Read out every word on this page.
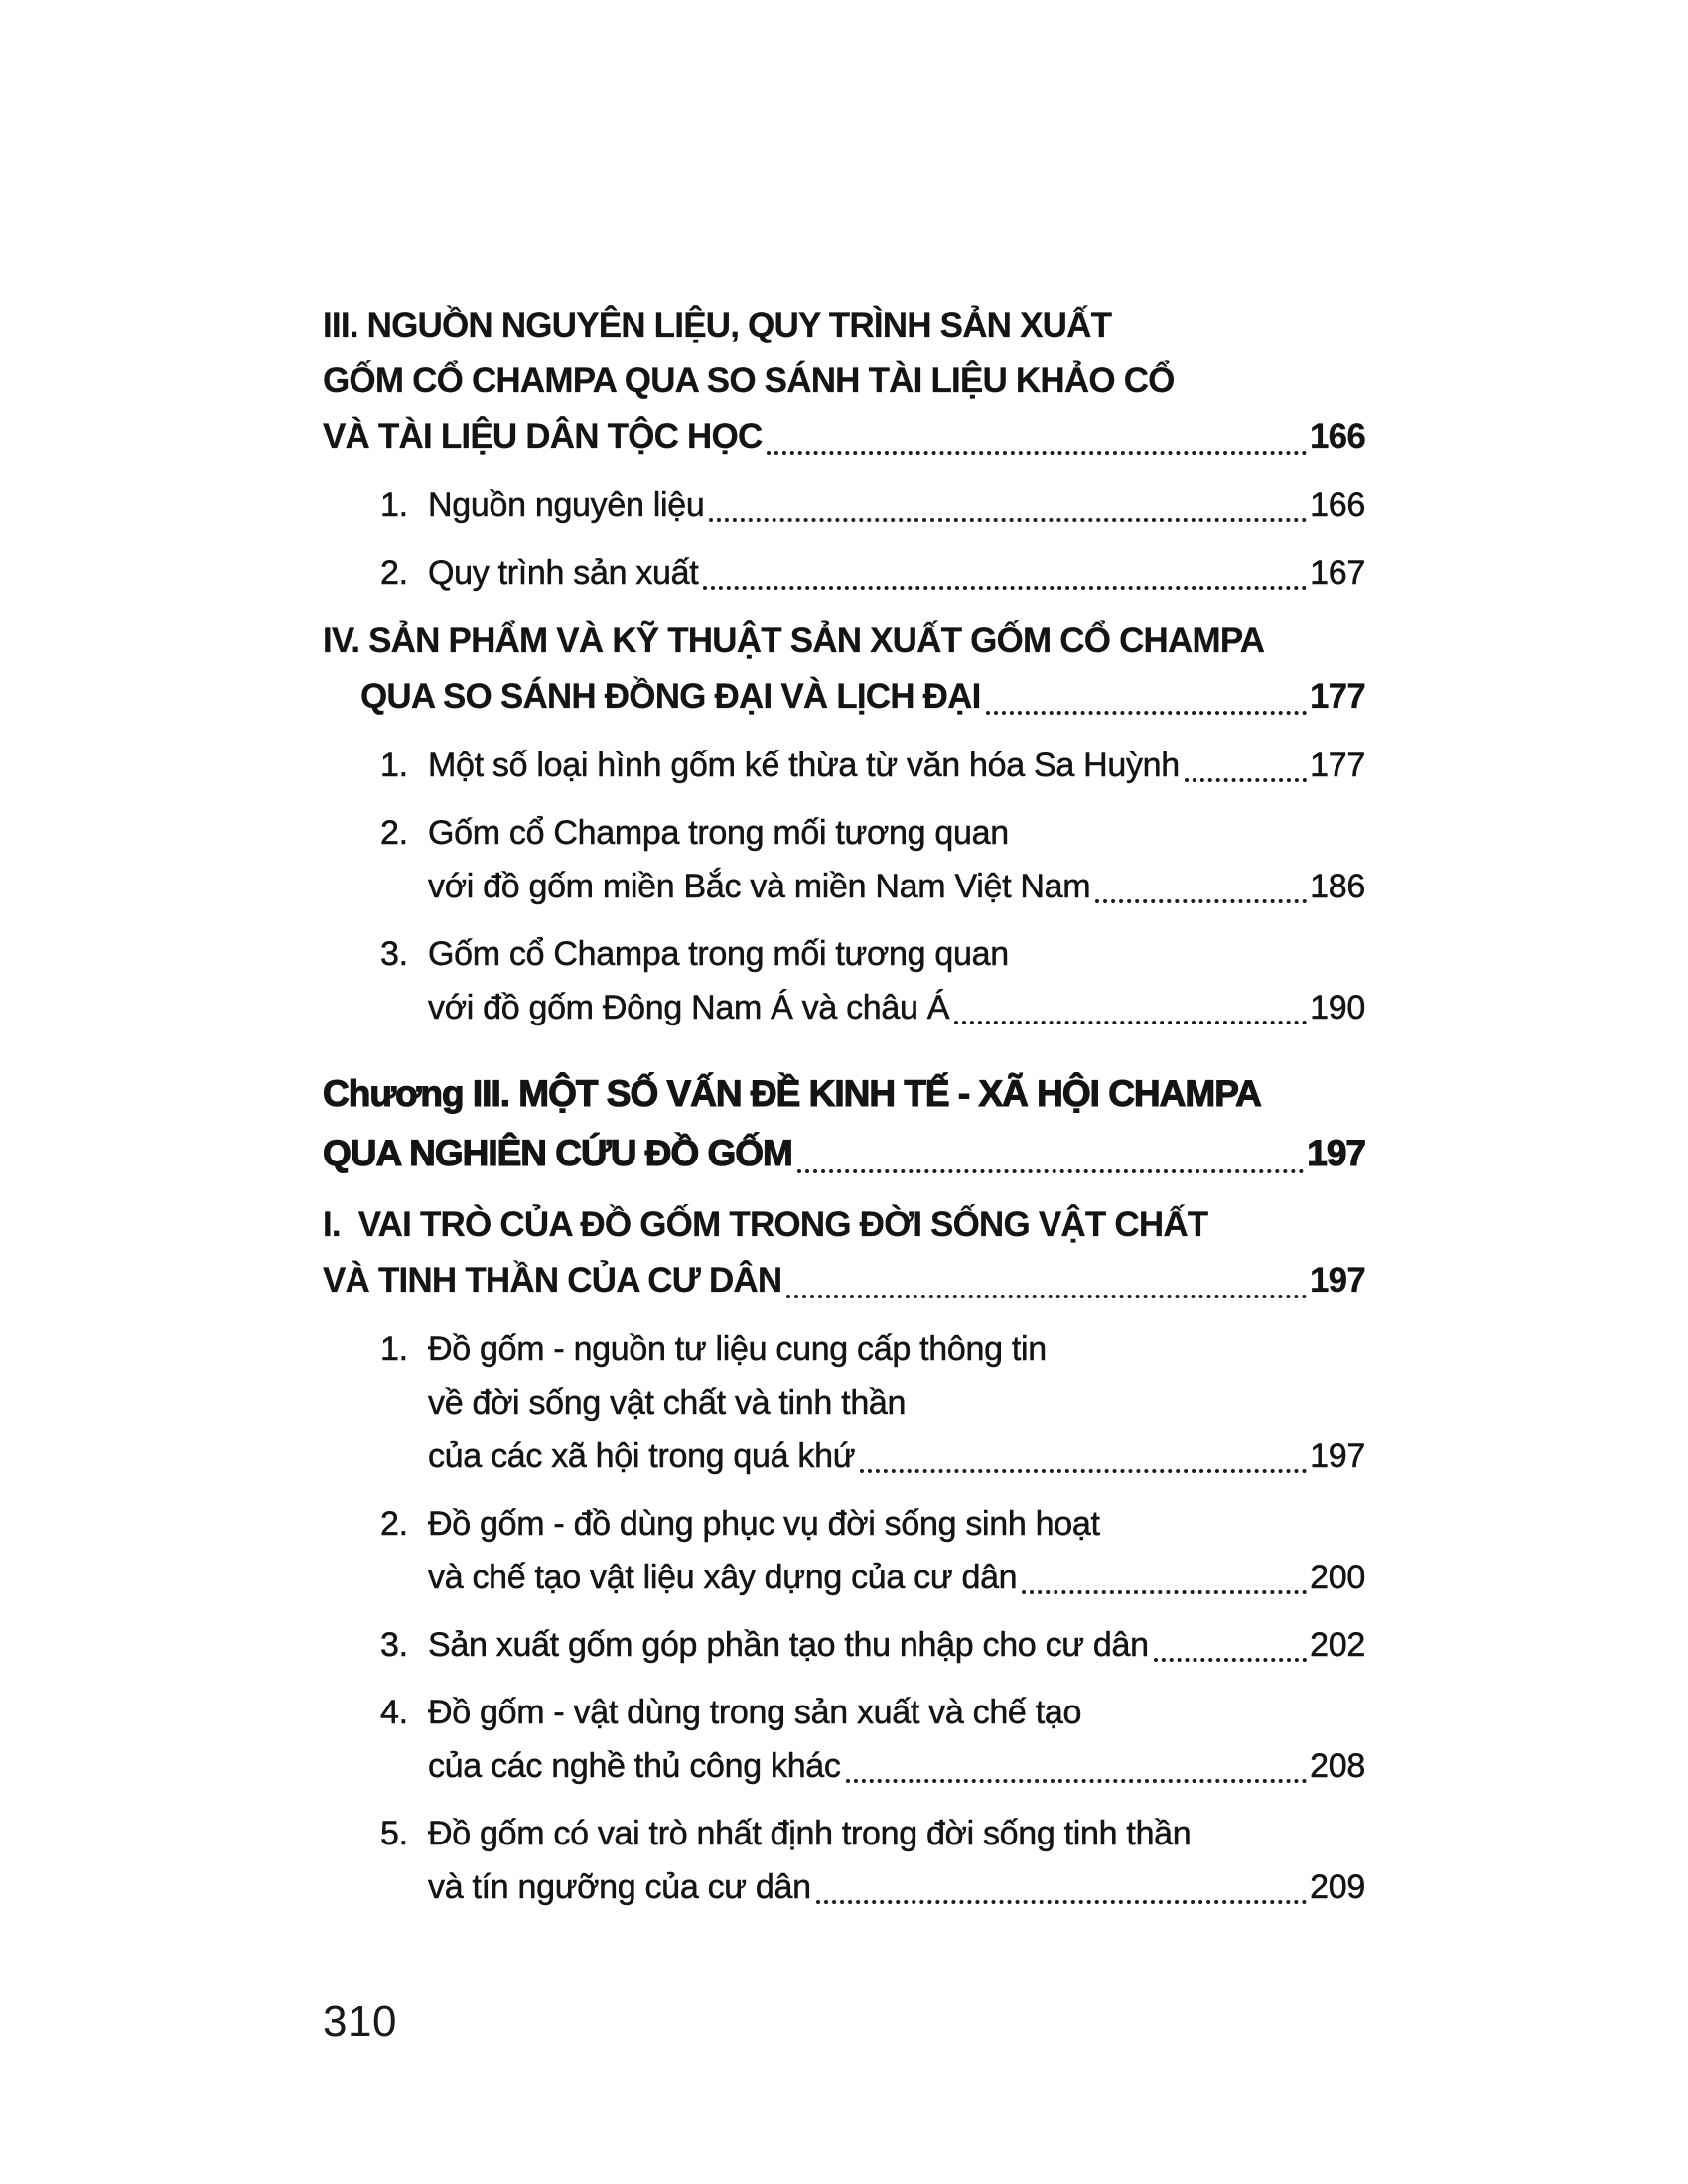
III. NGUỒN NGUYÊN LIỆU, QUY TRÌNH SẢN XUẤT
GỐM CỔ CHAMPA QUA SO SÁNH TÀI LIỆU KHẢO CỔ
VÀ TÀI LIỆU DÂN TỘC HỌC	166
1. Nguồn nguyên liệu	166
2. Quy trình sản xuất	167
IV. SẢN PHẨM VÀ KỸ THUẬT SẢN XUẤT GỐM CỔ CHAMPA
QUA SO SÁNH ĐỒNG ĐẠI VÀ LỊCH ĐẠI	177
1. Một số loại hình gốm kế thừa từ văn hóa Sa Huỳnh	177
2. Gốm cổ Champa trong mối tương quan
với đồ gốm miền Bắc và miền Nam Việt Nam	186
3. Gốm cổ Champa trong mối tương quan
với đồ gốm Đông Nam Á và châu Á	190
Chương III. MỘT SỐ VẤN ĐỀ KINH TẾ - XÃ HỘI CHAMPA
QUA NGHIÊN CỨU ĐỒ GỐM	197
I.  VAI TRÒ CỦA ĐỒ GỐM TRONG ĐỜI SỐNG VẬT CHẤT
VÀ TINH THẦN CỦA CƯ DÂN	197
1. Đồ gốm - nguồn tư liệu cung cấp thông tin
về đời sống vật chất và tinh thần
của các xã hội trong quá khứ	197
2. Đồ gốm - đồ dùng phục vụ đời sống sinh hoạt
và chế tạo vật liệu xây dựng của cư dân	200
3. Sản xuất gốm góp phần tạo thu nhập cho cư dân	202
4. Đồ gốm - vật dùng trong sản xuất và chế tạo
của các nghề thủ công khác	208
5. Đồ gốm có vai trò nhất định trong đời sống tinh thần
và tín ngưỡng của cư dân	209
310
